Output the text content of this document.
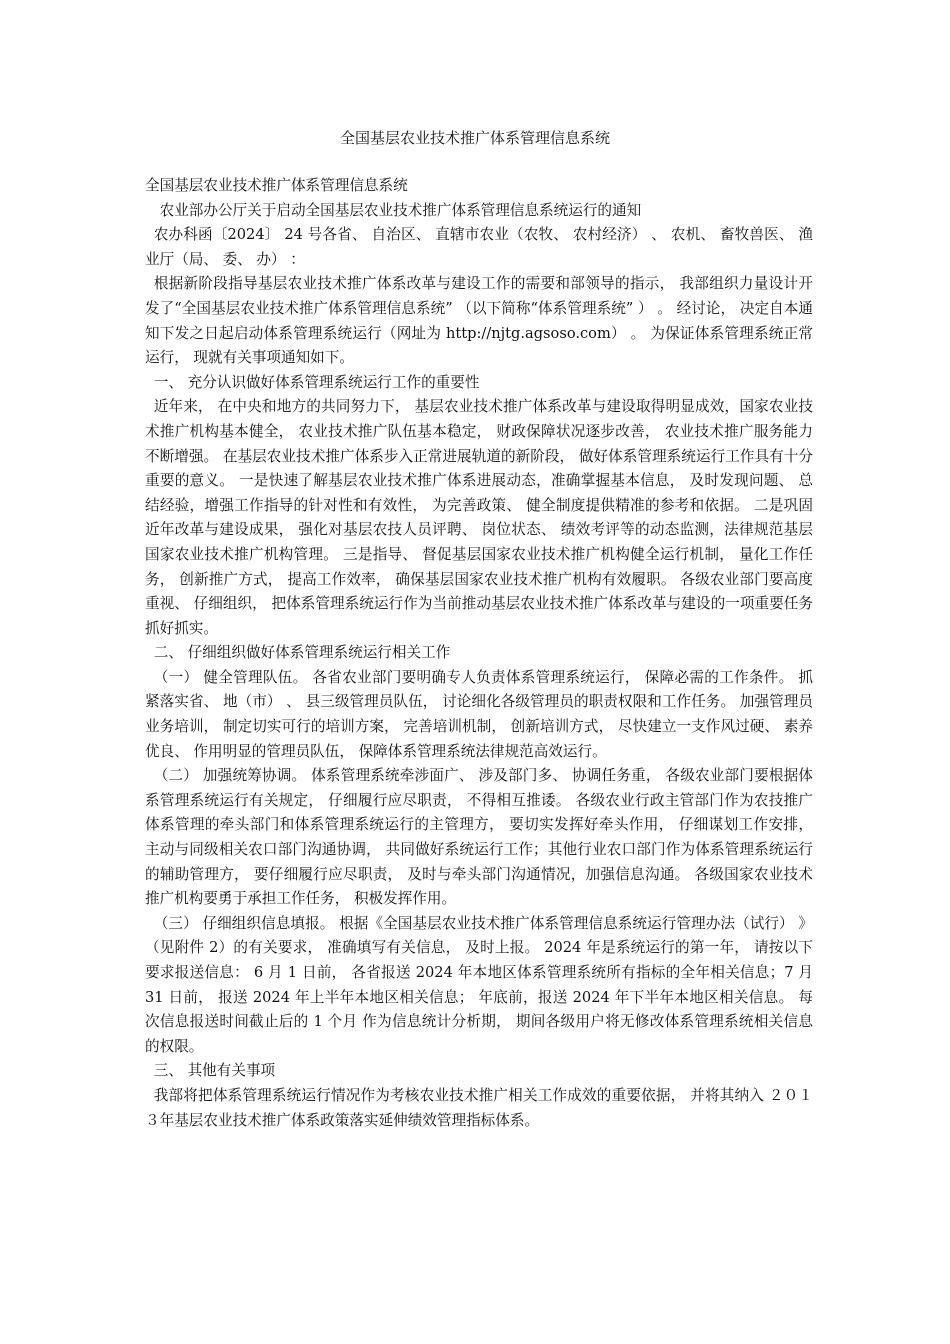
全国基层农业技术推广体系管理信息系统

全国基层农业技术推广体系管理信息系统

农业部办公厅关于启动全国基层农业技术推广体系管理信息系统运行的通知

农办科函〔2024〕 24 号各省、 自治区、 直辖市农业（农牧、 农村经济） 、 农机、 畜牧兽医、 渔业厅（局、 委、 办） ：

根据新阶段指导基层农业技术推广体系改革与建设工作的需要和部领导的指示， 我部组织力量设计开发了“全国基层农业技术推广体系管理信息系统” （以下简称“体系管理系统” ） 。 经讨论， 决定自本通知下发之日起启动体系管理系统运行（网址为 http://njtg.agsoso.com） 。 为保证体系管理系统正常运行， 现就有关事项通知如下。

一、 充分认识做好体系管理系统运行工作的重要性

近年来， 在中央和地方的共同努力下， 基层农业技术推广体系改革与建设取得明显成效，国家农业技术推广机构基本健全， 农业技术推广队伍基本稳定， 财政保障状况逐步改善， 农业技术推广服务能力不断增强。 在基层农业技术推广体系步入正常进展轨道的新阶段， 做好体系管理系统运行工作具有十分重要的意义。 一是快速了解基层农业技术推广体系进展动态，准确掌握基本信息， 及时发现问题、 总结经验，增强工作指导的针对性和有效性， 为完善政策、 健全制度提供精准的参考和依据。 二是巩固近年改革与建设成果， 强化对基层农技人员评聘、 岗位状态、 绩效考评等的动态监测，法律规范基层国家农业技术推广机构管理。 三是指导、 督促基层国家农业技术推广机构健全运行机制， 量化工作任务， 创新推广方式， 提高工作效率， 确保基层国家农业技术推广机构有效履职。 各级农业部门要高度重视、 仔细组织， 把体系管理系统运行作为当前推动基层农业技术推广体系改革与建设的一项重要任务抓好抓实。

二、 仔细组织做好体系管理系统运行相关工作

（一） 健全管理队伍。 各省农业部门要明确专人负责体系管理系统运行， 保障必需的工作条件。 抓紧落实省、 地（市） 、 县三级管理员队伍， 讨论细化各级管理员的职责权限和工作任务。 加强管理员业务培训， 制定切实可行的培训方案， 完善培训机制， 创新培训方式， 尽快建立一支作风过硬、 素养优良、 作用明显的管理员队伍， 保障体系管理系统法律规范高效运行。

（二） 加强统筹协调。 体系管理系统牵涉面广、 涉及部门多、 协调任务重， 各级农业部门要根据体系管理系统运行有关规定， 仔细履行应尽职责， 不得相互推诿。 各级农业行政主管部门作为农技推广体系管理的牵头部门和体系管理系统运行的主管理方， 要切实发挥好牵头作用， 仔细谋划工作安排， 主动与同级相关农口部门沟通协调， 共同做好系统运行工作；其他行业农口部门作为体系管理系统运行的辅助管理方， 要仔细履行应尽职责， 及时与牵头部门沟通情况，加强信息沟通。 各级国家农业技术推广机构要勇于承担工作任务， 积极发挥作用。

（三） 仔细组织信息填报。 根据《全国基层农业技术推广体系管理信息系统运行管理办法（试行） 》 （见附件 2）的有关要求， 准确填写有关信息， 及时上报。 2024 年是系统运行的第一年， 请按以下要求报送信息： 6 月 1 日前， 各省报送 2024 年本地区体系管理系统所有指标的全年相关信息；7 月 31 日前， 报送 2024 年上半年本地区相关信息； 年底前，报送 2024 年下半年本地区相关信息。 每次信息报送时间截止后的 1 个月 作为信息统计分析期， 期间各级用户将无修改体系管理系统相关信息的权限。

三、 其他有关事项

我部将把体系管理系统运行情况作为考核农业技术推广相关工作成效的重要依据， 并将其纳入 ２０１３年基层农业技术推广体系政策落实延伸绩效管理指标体系。
